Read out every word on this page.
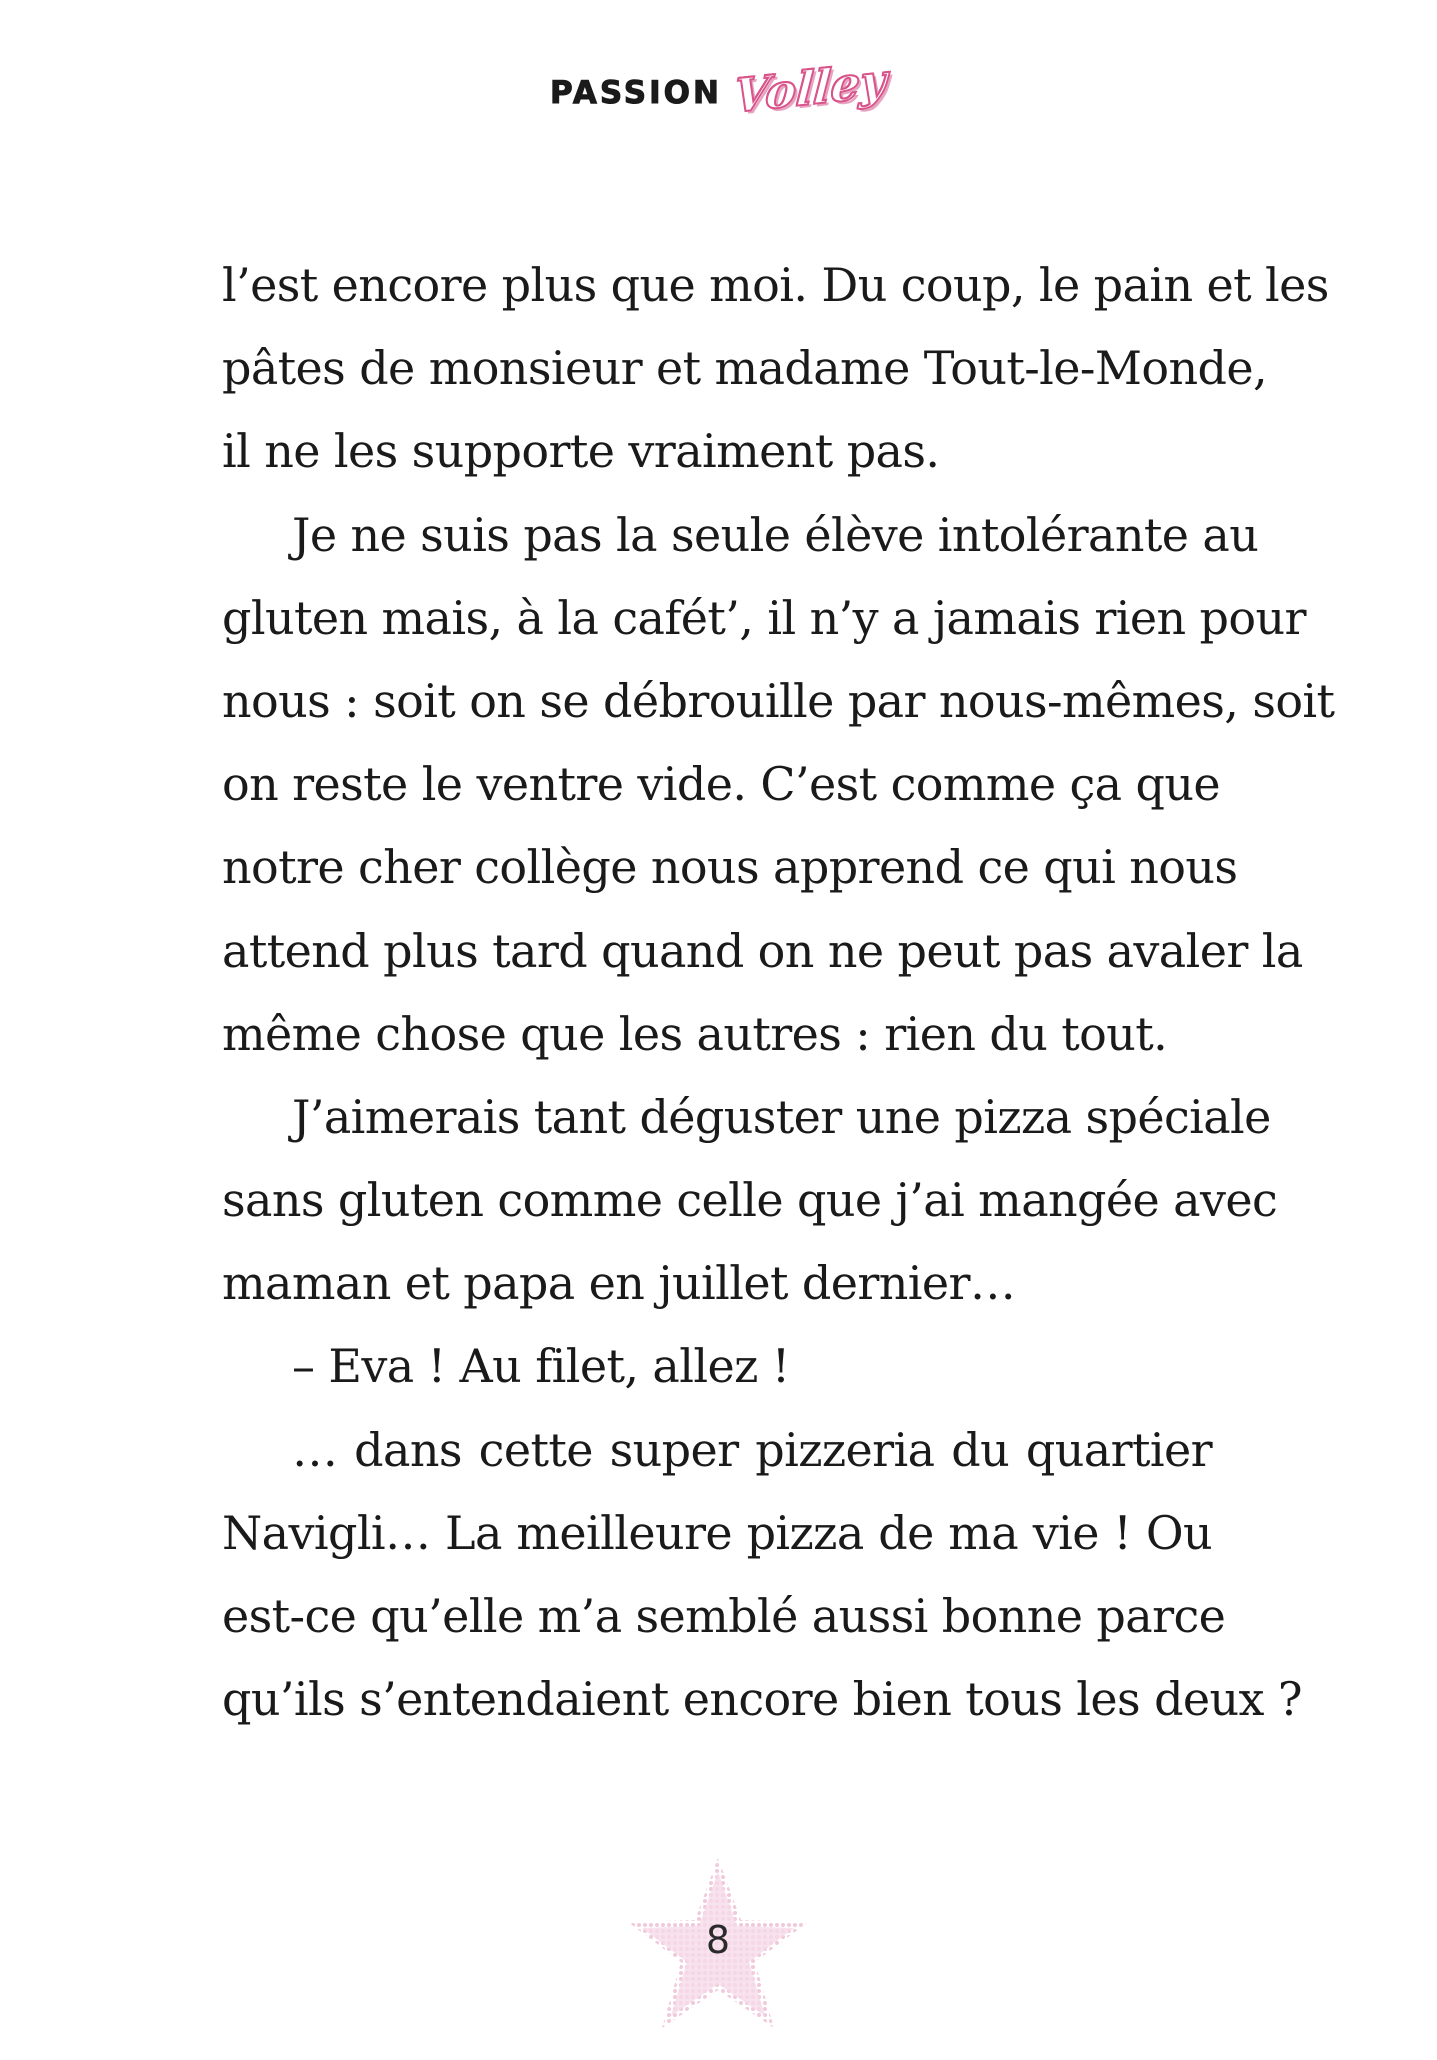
PASSION Volley
l’est encore plus que moi. Du coup, le pain et les
pâtes de monsieur et madame Tout-le-Monde,
il ne les supporte vraiment pas.
Je ne suis pas la seule élève intolérante au
gluten mais, à la cafét’, il n’y a jamais rien pour
nous : soit on se débrouille par nous-mêmes, soit
on reste le ventre vide. C’est comme ça que
notre cher collège nous apprend ce qui nous
attend plus tard quand on ne peut pas avaler la
même chose que les autres : rien du tout.
J’aimerais tant déguster une pizza spéciale
sans gluten comme celle que j’ai mangée avec
maman et papa en juillet dernier…
– Eva ! Au filet, allez !
… dans cette super pizzeria du quartier
Navigli… La meilleure pizza de ma vie ! Ou
est-ce qu’elle m’a semblé aussi bonne parce
qu’ils s’entendaient encore bien tous les deux ?
8
